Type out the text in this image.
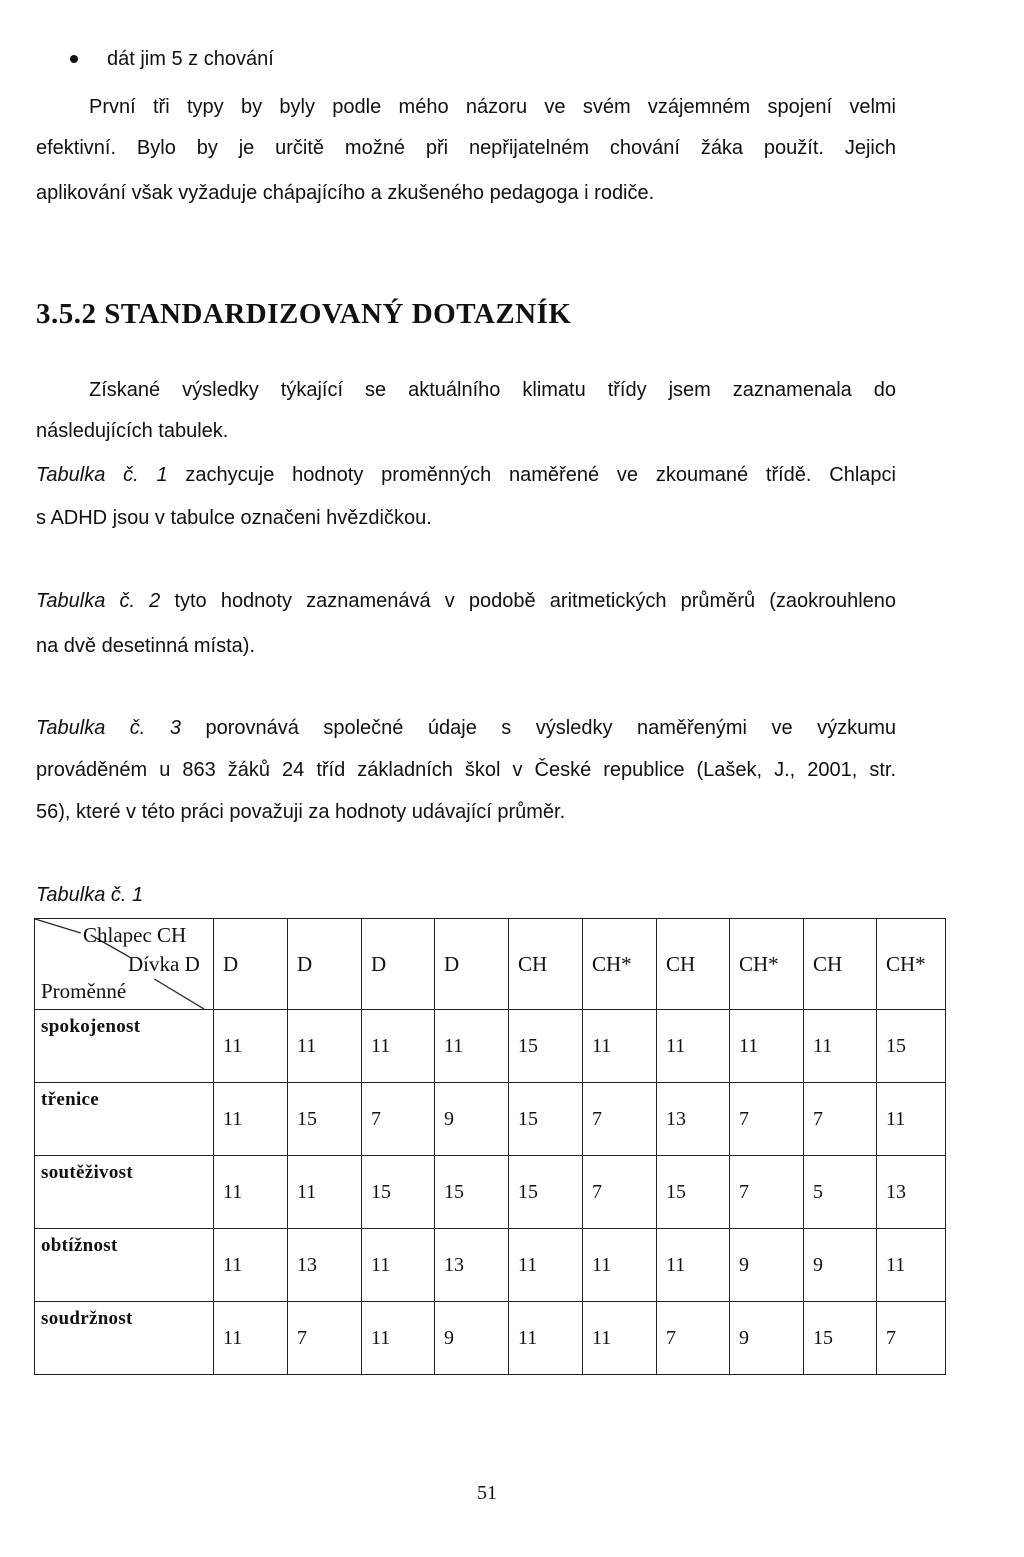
dát jim 5 z chování
První tři typy by byly podle mého názoru ve svém vzájemném spojení velmi
efektivní. Bylo by je určitě možné při nepřijatelném chování žáka použít. Jejich
aplikování však vyžaduje chápajícího a zkušeného pedagoga i rodiče.
3.5.2 STANDARDIZOVANÝ DOTAZNÍK
Získané výsledky týkající se aktuálního klimatu třídy jsem zaznamenala do
následujících tabulek.
Tabulka č. 1 zachycuje hodnoty proměnných naměřené ve zkoumané třídě. Chlapci
s ADHD jsou v tabulce označeni hvězdičkou.
Tabulka č. 2 tyto hodnoty zaznamenává v podobě aritmetických průměrů (zaokrouhleno
na dvě desetinná místa).
Tabulka č. 3 porovnává společné údaje s výsledky naměřenými ve výzkumu
prováděném u 863 žáků 24 tříd základních škol v České republice (Lašek, J., 2001, str.
56), které v této práci považuji za hodnoty udávající průměr.
Tabulka č. 1
Chlapec CH
Dívka D
Proměnné	D	D	D	D	CH	CH*	CH	CH*	CH	CH*
spokojenost	11	11	11	11	15	11	11	11	11	15
třenice	11	15	7	9	15	7	13	7	7	11
soutěživost	11	11	15	15	15	7	15	7	5	13
obtížnost	11	13	11	13	11	11	11	9	9	11
soudržnost	11	7	11	9	11	11	7	9	15	7
51
